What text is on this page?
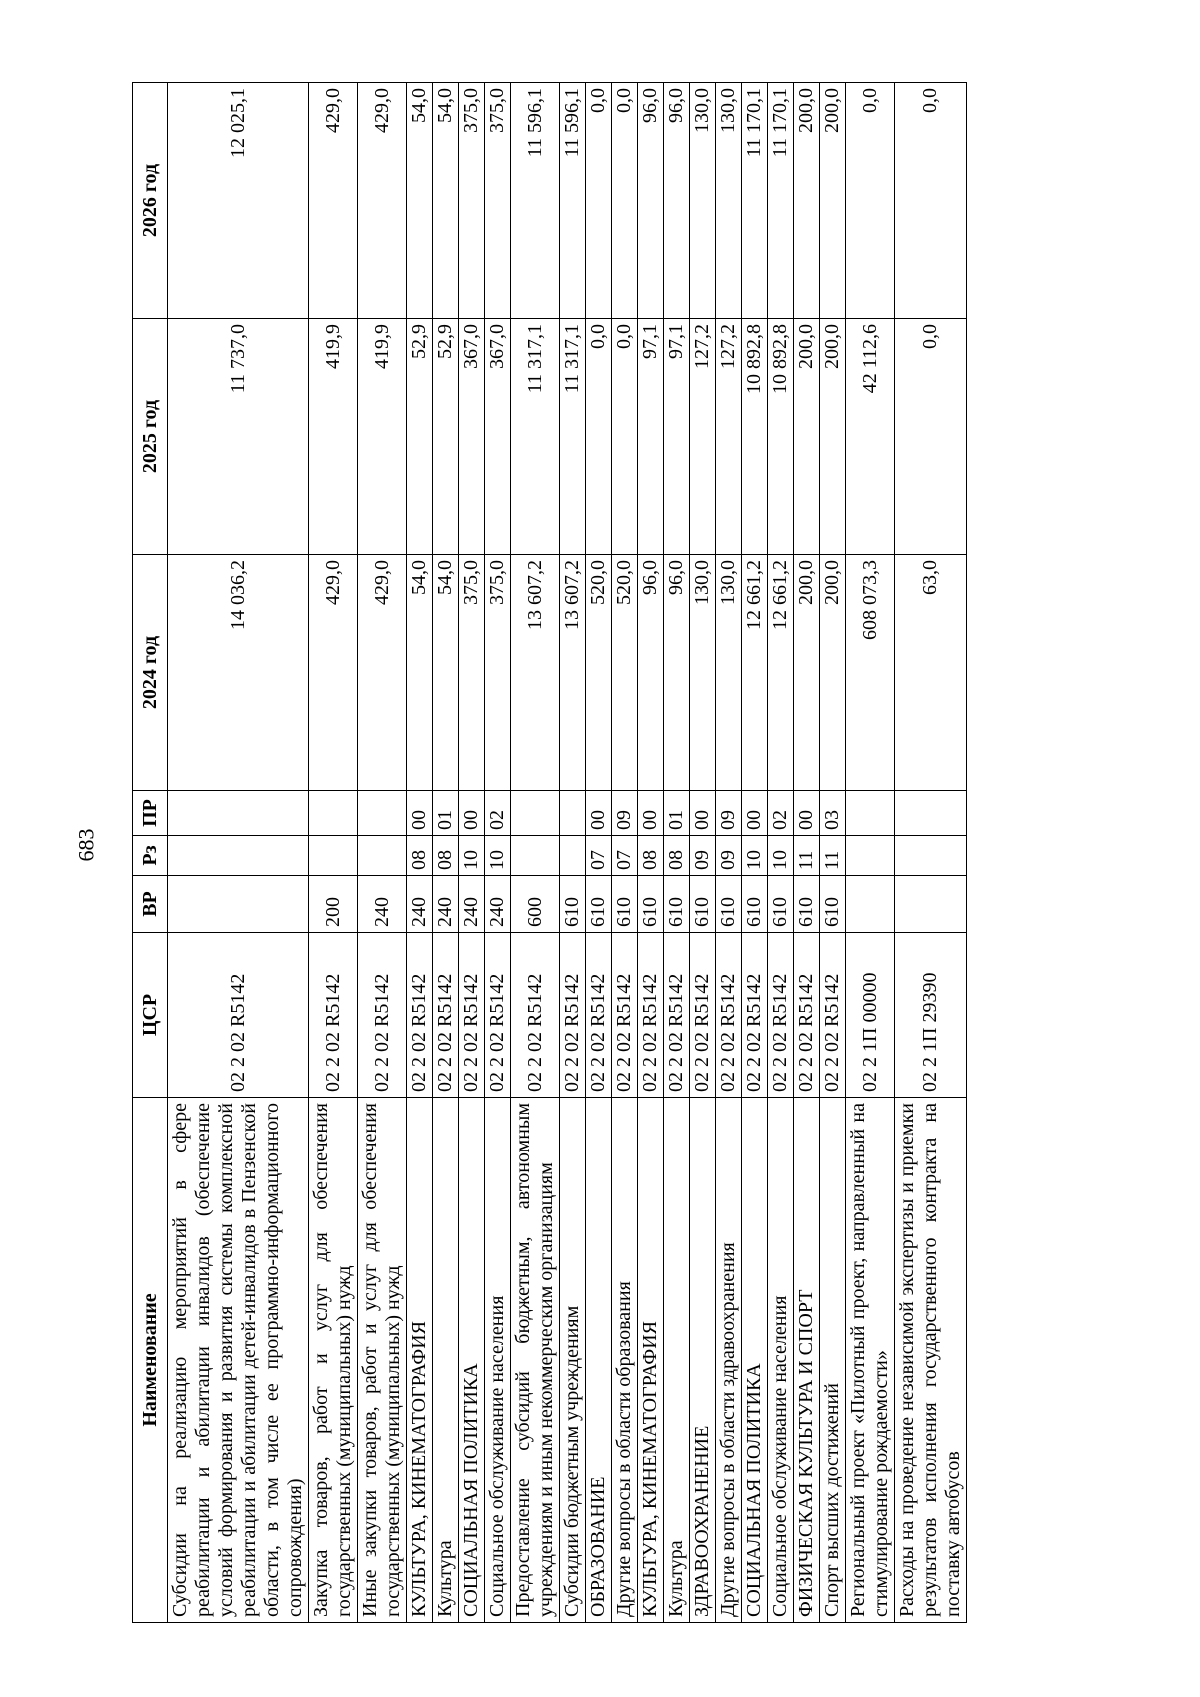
683
Наименование	ЦСР	ВР	Рз	ПР	2024 год	2025 год	2026 год
Субсидии на реализацию мероприятий в сфере реабилитации и абилитации инвалидов (обеспечение условий формирования и развития системы комплексной реабилитации и абилитации детей-инвалидов в Пензенской области, в том числе ее программно-информационного сопровождения)	02 2 02 R5142				14 036,2	11 737,0	12 025,1
Закупка товаров, работ и услуг для обеспечения государственных (муниципальных) нужд	02 2 02 R5142	200			429,0	419,9	429,0
Иные закупки товаров, работ и услуг для обеспечения государственных (муниципальных) нужд	02 2 02 R5142	240			429,0	419,9	429,0
КУЛЬТУРА, КИНЕМАТОГРАФИЯ	02 2 02 R5142	240	08	00	54,0	52,9	54,0
Культура	02 2 02 R5142	240	08	01	54,0	52,9	54,0
СОЦИАЛЬНАЯ ПОЛИТИКА	02 2 02 R5142	240	10	00	375,0	367,0	375,0
Социальное обслуживание населения	02 2 02 R5142	240	10	02	375,0	367,0	375,0
Предоставление субсидий бюджетным, автономным учреждениям и иным некоммерческим организациям	02 2 02 R5142	600			13 607,2	11 317,1	11 596,1
Субсидии бюджетным учреждениям	02 2 02 R5142	610			13 607,2	11 317,1	11 596,1
ОБРАЗОВАНИЕ	02 2 02 R5142	610	07	00	520,0	0,0	0,0
Другие вопросы в области образования	02 2 02 R5142	610	07	09	520,0	0,0	0,0
КУЛЬТУРА, КИНЕМАТОГРАФИЯ	02 2 02 R5142	610	08	00	96,0	97,1	96,0
Культура	02 2 02 R5142	610	08	01	96,0	97,1	96,0
ЗДРАВООХРАНЕНИЕ	02 2 02 R5142	610	09	00	130,0	127,2	130,0
Другие вопросы в области здравоохранения	02 2 02 R5142	610	09	09	130,0	127,2	130,0
СОЦИАЛЬНАЯ ПОЛИТИКА	02 2 02 R5142	610	10	00	12 661,2	10 892,8	11 170,1
Социальное обслуживание населения	02 2 02 R5142	610	10	02	12 661,2	10 892,8	11 170,1
ФИЗИЧЕСКАЯ КУЛЬТУРА И СПОРТ	02 2 02 R5142	610	11	00	200,0	200,0	200,0
Спорт высших достижений	02 2 02 R5142	610	11	03	200,0	200,0	200,0
Региональный проект «Пилотный проект, направленный на стимулирование рождаемости»	02 2 1П 00000				608 073,3	42 112,6	0,0
Расходы на проведение независимой экспертизы и приемки результатов исполнения государственного контракта на поставку автобусов	02 2 1П 29390				63,0	0,0	0,0
